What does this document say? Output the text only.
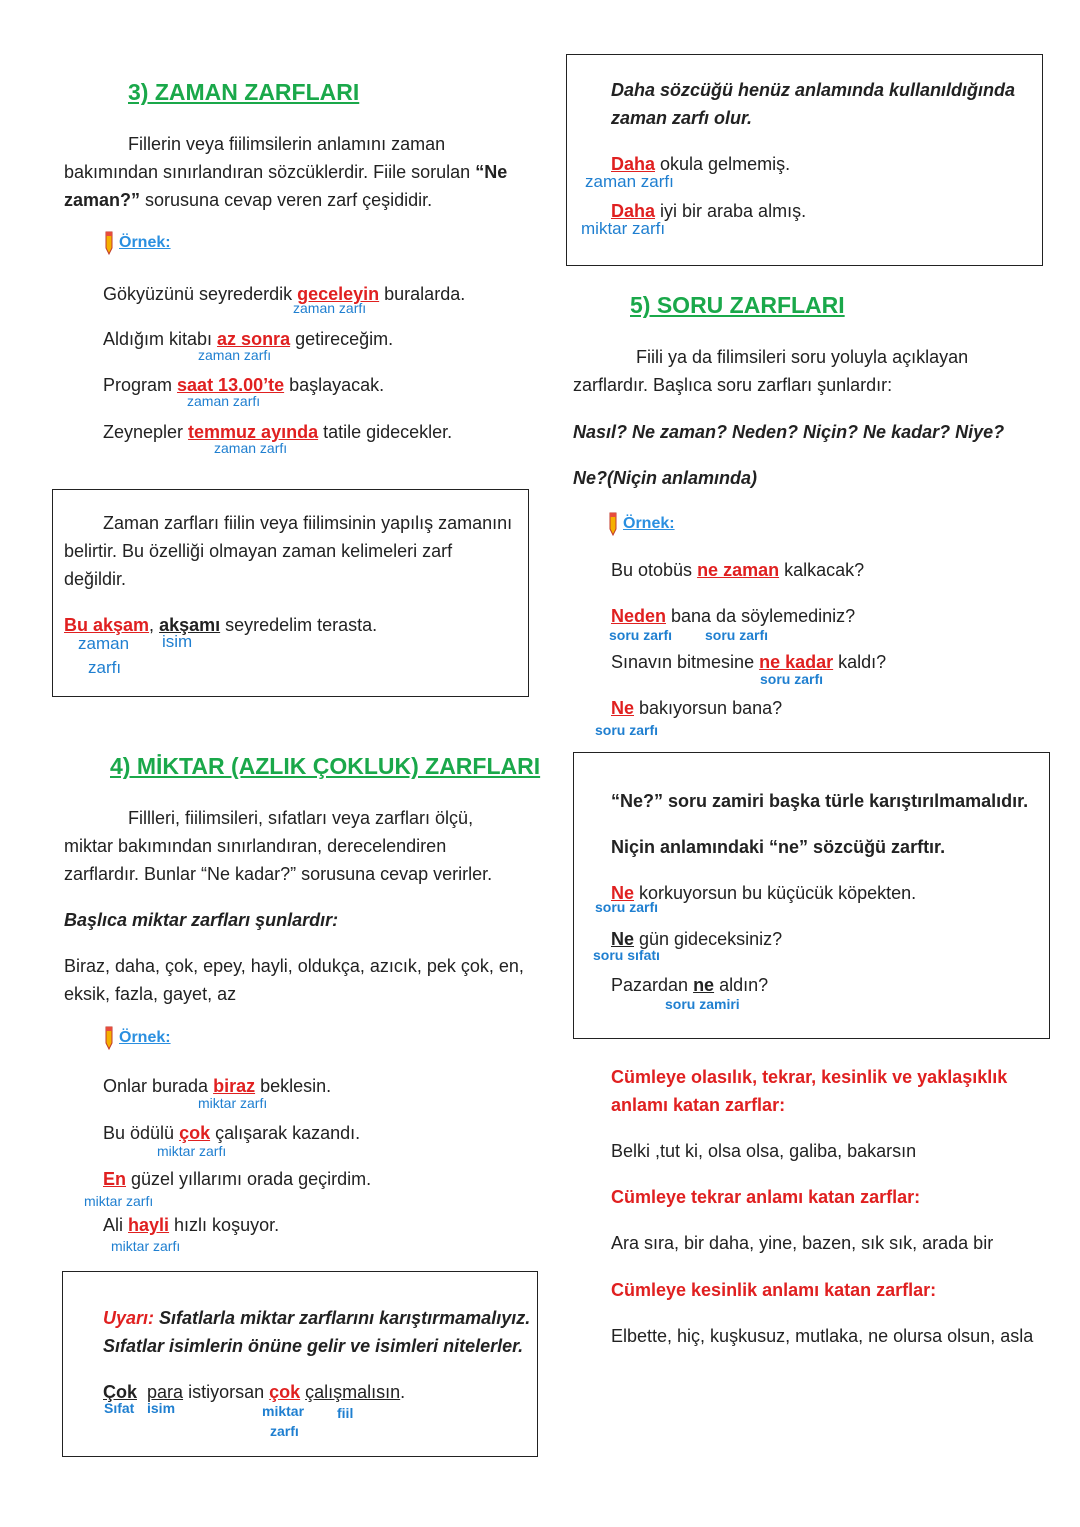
3) ZAMAN ZARFLARI
Fillerin veya fiilimsilerin anlamını zaman
bakımından sınırlandıran sözcüklerdir. Fiile sorulan “Ne
zaman?” sorusuna cevap veren zarf çeşididir.
Örnek:
Gökyüzünü seyrederdik geceleyin buralarda.
zaman zarfı
Aldığım kitabı az sonra getireceğim.
zaman zarfı
Program saat 13.00’te başlayacak.
zaman zarfı
Zeynepler temmuz ayında tatile gidecekler.
zaman zarfı
Zaman zarfları fiilin veya fiilimsinin yapılış zamanını
belirtir. Bu özelliği olmayan zaman kelimeleri zarf
değildir.
Bu akşam, akşamı seyredelim terasta.
zaman
zarfı
isim
4) MİKTAR (AZLIK ÇOKLUK) ZARFLARI
Fillleri, fiilimsileri, sıfatları veya zarfları ölçü,
miktar bakımından sınırlandıran, derecelendiren
zarflardır. Bunlar “Ne kadar?” sorusuna cevap verirler.
Başlıca miktar zarfları şunlardır:
Biraz, daha, çok, epey, hayli, oldukça, azıcık, pek çok, en,
eksik, fazla, gayet, az
Örnek:
Onlar burada biraz beklesin.
miktar zarfı
Bu ödülü çok çalışarak kazandı.
miktar zarfı
En güzel yıllarımı orada geçirdim.
miktar zarfı
Ali hayli hızlı koşuyor.
miktar zarfı
Uyarı: Sıfatlarla miktar zarflarını karıştırmamalıyız.
Sıfatlar isimlerin önüne gelir ve isimleri nitelerler.
Çok para istiyorsan çok çalışmalısın.
Sıfat isim	miktar
zarfı
fiil
Daha sözcüğü henüz anlamında kullanıldığında
zaman zarfı olur.
Daha okula gelmemiş.
zaman zarfı
Daha iyi bir araba almış.
miktar zarfı
5) SORU ZARFLARI
Fiili ya da filimsileri soru yoluyla açıklayan
zarflardır. Başlıca soru zarfları şunlardır:
Nasıl? Ne zaman? Neden? Niçin? Ne kadar? Niye?
Ne?(Niçin anlamında)
Örnek:
Bu otobüs ne zaman kalkacak?
Neden bana da söylemediniz?
soru zarfı soru zarfı
Sınavın bitmesine ne kadar kaldı?
soru zarfı
Ne bakıyorsun bana?
soru zarfı
“Ne?” soru zamiri başka türle karıştırılmamalıdır.
Niçin anlamındaki “ne” sözcüğü zarftır.
Ne korkuyorsun bu küçücük köpekten.
soru zarfı
Ne gün gideceksiniz?
soru sıfatı
Pazardan ne aldın?
soru zamiri
Cümleye olasılık, tekrar, kesinlik ve yaklaşıklık
anlamı katan zarflar:
Belki ,tut ki, olsa olsa, galiba, bakarsın
Cümleye tekrar anlamı katan zarflar:
Ara sıra, bir daha, yine, bazen, sık sık, arada bir
Cümleye kesinlik anlamı katan zarflar:
Elbette, hiç, kuşkusuz, mutlaka, ne olursa olsun, asla
